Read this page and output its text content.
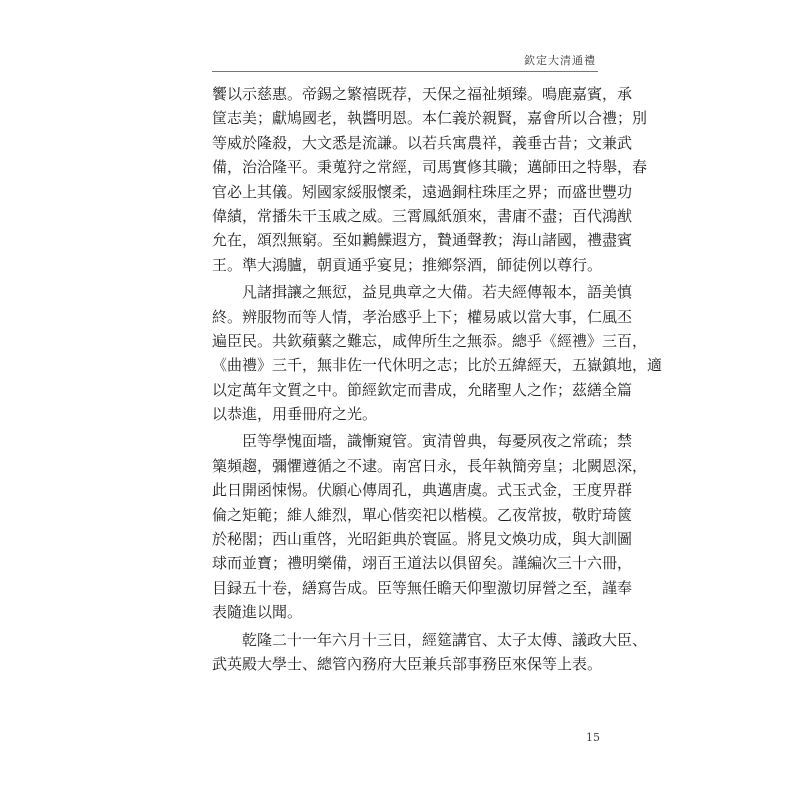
欽定大清通禮
饗以示慈惠。帝錫之繁禧既荐，天保之福祉頻臻。鳴鹿嘉賓，承
筐志美；獻鳩國老，執醬明恩。本仁義於親賢，嘉會所以合禮；別
等威於隆殺，大文悉是流謙。以若兵寓農祥，義垂古昔；文兼武
備，治洽隆平。秉蒐狩之常經，司馬實修其職；邁師田之特舉，春
官必上其儀。矧國家綏服懷柔，遠過銅柱珠厓之界；而盛世豐功
偉績，常播朱干玉戚之威。三霄鳳紙頒來，書庸不盡；百代鴻猷
允在，頌烈無窮。至如鶼鰈遐方，贄通聲教；海山諸國，禮盡賓
王。準大鴻臚，朝貢通乎宴見；推鄉祭酒，師徒例以尊行。
　　凡諸揖讓之無愆，益見典章之大備。若夫經傳報本，語美慎
終。辨服物而等人情，孝治感乎上下；權易戚以當大事，仁風丕
遍臣民。共欽蘋蘩之難忘，咸俾所生之無忝。總乎《經禮》三百，
《曲禮》三千，無非佐一代休明之志；比於五緯經天，五嶽鎮地，適
以定萬年文質之中。節經欽定而書成，允睹聖人之作；茲繕全篇
以恭進，用垂冊府之光。
　　臣等學愧面墻，識慚窺管。寅清曾典，每憂夙夜之常疏；禁
篥頻趨，彌懼遵循之不逮。南宮日永，長年執簡旁皇；北闕恩深，
此日開函悚惕。伏願心傳周孔，典邁唐虞。式玉式金，王度畀群
倫之矩範；維人維烈，單心偕奕祀以楷模。乙夜常披，敬貯琦篋
於秘閣；西山重啓，光昭鉅典於寰區。將見文煥功成，與大訓圖
球而並寶；禮明樂備，翊百王道法以俱留矣。謹編次三十六冊，
目録五十卷，繕寫告成。臣等無任瞻天仰聖激切屏營之至，謹奉
表隨進以聞。
　　乾隆二十一年六月十三日，經筵講官、太子太傅、議政大臣、
武英殿大學士、總管內務府大臣兼兵部事務臣來保等上表。
15
